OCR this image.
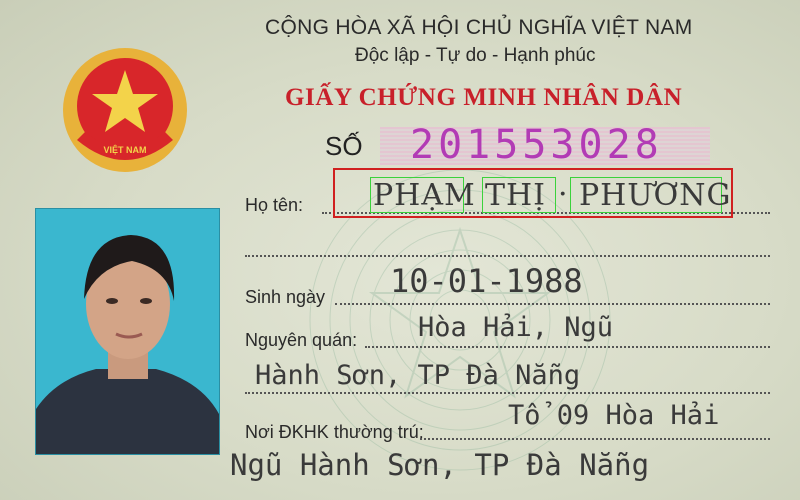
VIỆT NAM
CỘNG HÒA XÃ HỘI CHỦ NGHĨA VIỆT NAM
Độc lập - Tự do - Hạnh phúc
GIẤY CHỨNG MINH NHÂN DÂN
SỐ 201553028
Họ tên: PHẠM THỊ · PHƯƠNG
Sinh ngày 10-01-1988
Nguyên quán: Hòa Hải, Ngũ
Hành Sơn, TP Đà Nẵng
Nơi ĐKHK thường trú:
Tổ 09 Hòa Hải
Ngũ Hành Sơn, TP Đà Nẵng
